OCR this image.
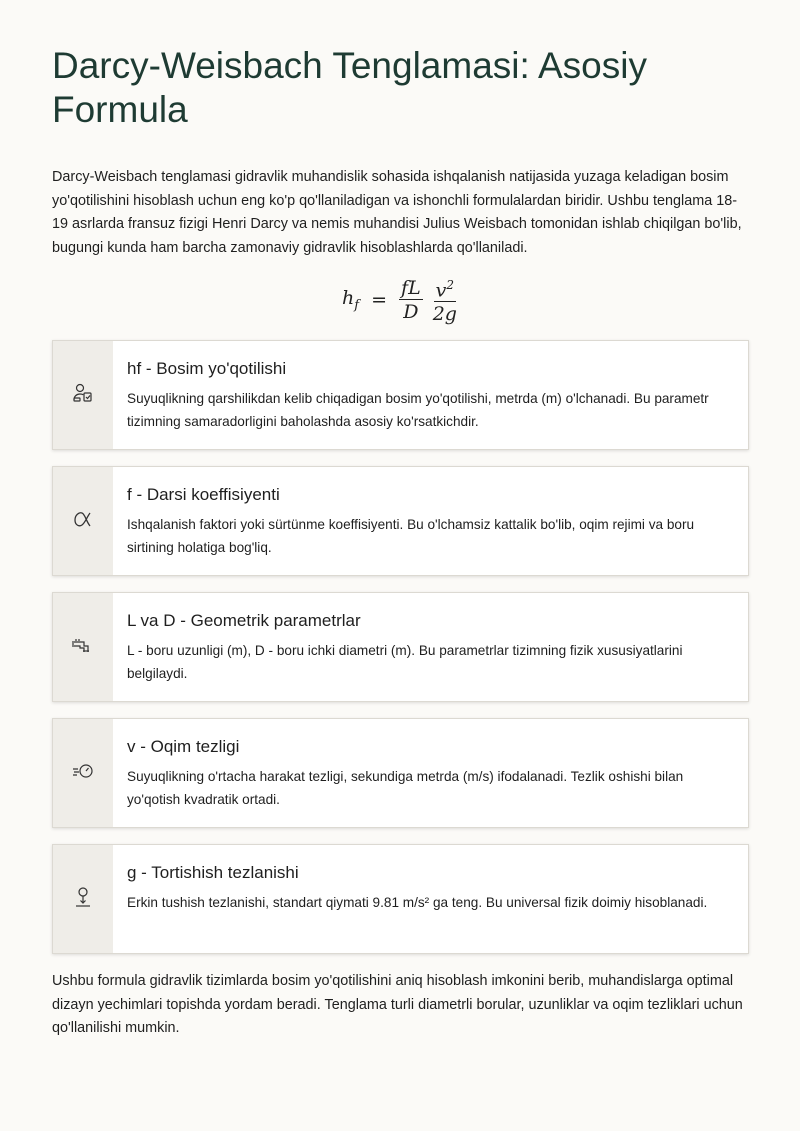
Darcy-Weisbach Tenglamasi: Asosiy Formula

Darcy-Weisbach tenglamasi gidravlik muhandislik sohasida ishqalanish natijasida yuzaga keladigan bosim yo'qotilishini hisoblash uchun eng ko'p qo'llaniladigan va ishonchli formulalardan biridir. Ushbu tenglama 18-19 asrlarda fransuz fizigi Henri Darcy va nemis muhandisi Julius Weisbach tomonidan ishlab chiqilgan bo'lib, bugungi kunda ham barcha zamonaviy gidravlik hisoblashlarda qo'llaniladi.

$h_f = \frac{fL}{D} \frac{v^2}{2g}$
hf - Bosim yo'qotilishi
Suyuqlikning qarshilikdan kelib chiqadigan bosim yo'qotilishi, metrda (m) o'lchanadi. Bu parametr tizimning samaradorligini baholashda asosiy ko'rsatkichdir.
f - Darsi koeffisiyenti
Ishqalanish faktori yoki sürtünme koeffisiyenti. Bu o'lchamsiz kattalik bo'lib, oqim rejimi va boru sirtining holatiga bog'liq.
L va D - Geometrik parametrlar
L - boru uzunligi (m), D - boru ichki diametri (m). Bu parametrlar tizimning fizik xususiyatlarini belgilaydi.
v - Oqim tezligi
Suyuqlikning o'rtacha harakat tezligi, sekundiga metrda (m/s) ifodalanadi. Tezlik oshishi bilan yo'qotish kvadratik ortadi.
g - Tortishish tezlanishi
Erkin tushish tezlanishi, standart qiymati 9.81 m/s² ga teng. Bu universal fizik doimiy hisoblanadi.

Ushbu formula gidravlik tizimlarda bosim yo'qotilishini aniq hisoblash imkonini berib, muhandislarga optimal dizayn yechimlari topishda yordam beradi. Tenglama turli diametrli borular, uzunliklar va oqim tezliklari uchun qo'llanilishi mumkin.
